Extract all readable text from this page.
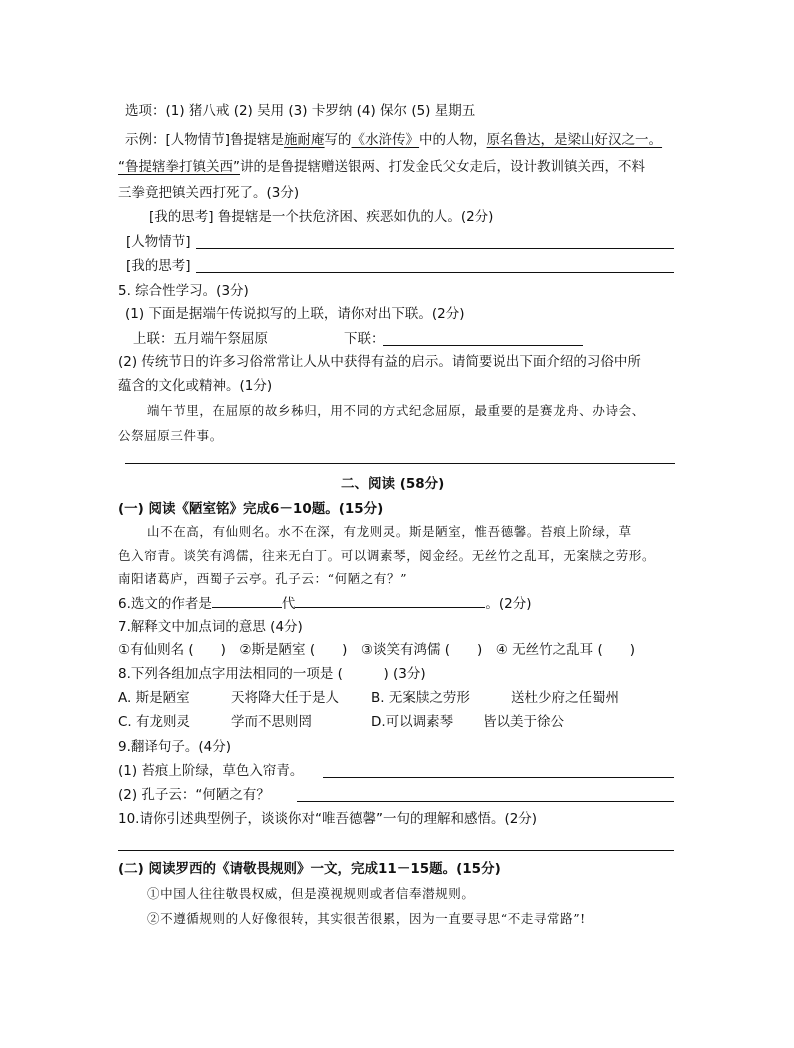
选项：(1) 猪八戒 (2) 吴用 (3) 卡罗纳 (4) 保尔 (5) 星期五
示例：[人物情节]鲁提辖是施耐庵写的《水浒传》中的人物，原名鲁达，是梁山好汉之一。
“鲁提辖拳打镇关西”讲的是鲁提辖赠送银两、打发金氏父女走后，设计教训镇关西，不料
三拳竟把镇关西打死了。(3分)
[我的思考] 鲁提辖是一个扶危济困、疾恶如仇的人。(2分)
[人物情节]
[我的思考]
5. 综合性学习。(3分)
(1) 下面是据端午传说拟写的上联，请你对出下联。(2分)
上联：五月端午祭屈原	下联：
(2) 传统节日的许多习俗常常让人从中获得有益的启示。请简要说出下面介绍的习俗中所
蕴含的文化或精神。(1分)
端午节里，在屈原的故乡秭归，用不同的方式纪念屈原，最重要的是赛龙舟、办诗会、
公祭屈原三件事。
二、阅读 (58分)
(一) 阅读《陋室铭》完成6－10题。(15分)
山不在高，有仙则名。水不在深，有龙则灵。斯是陋室，惟吾德馨。苔痕上阶绿，草
色入帘青。谈笑有鸿儒，往来无白丁。可以调素琴，阅金经。无丝竹之乱耳，无案牍之劳形。
南阳诸葛庐，西蜀子云亭。孔子云：“何陋之有？”
6.选文的作者是	代	。(2分)
7.解释文中加点词的意思 (4分)
①有仙则名 (　　)　②斯是陋室 (　　)　③谈笑有鸿儒 (　　)　④ 无丝竹之乱耳 (　　)
8.下列各组加点字用法相同的一项是 (　　　) (3分)
A. 斯是陋室	天将降大任于是人 B. 无案牍之劳形	送杜少府之任蜀州
C. 有龙则灵	学而不思则罔	D.可以调素琴 皆以美于徐公
9.翻译句子。(4分)
(1) 苔痕上阶绿，草色入帘青。
(2) 孔子云：“何陋之有？
10.请你引述典型例子，谈谈你对“唯吾德馨”一句的理解和感悟。(2分)
(二) 阅读罗西的《请敬畏规则》一文，完成11－15题。(15分)
①中国人往往敬畏权威，但是漠视规则或者信奉潜规则。
②不遵循规则的人好像很转，其实很苦很累，因为一直要寻思“不走寻常路”!
